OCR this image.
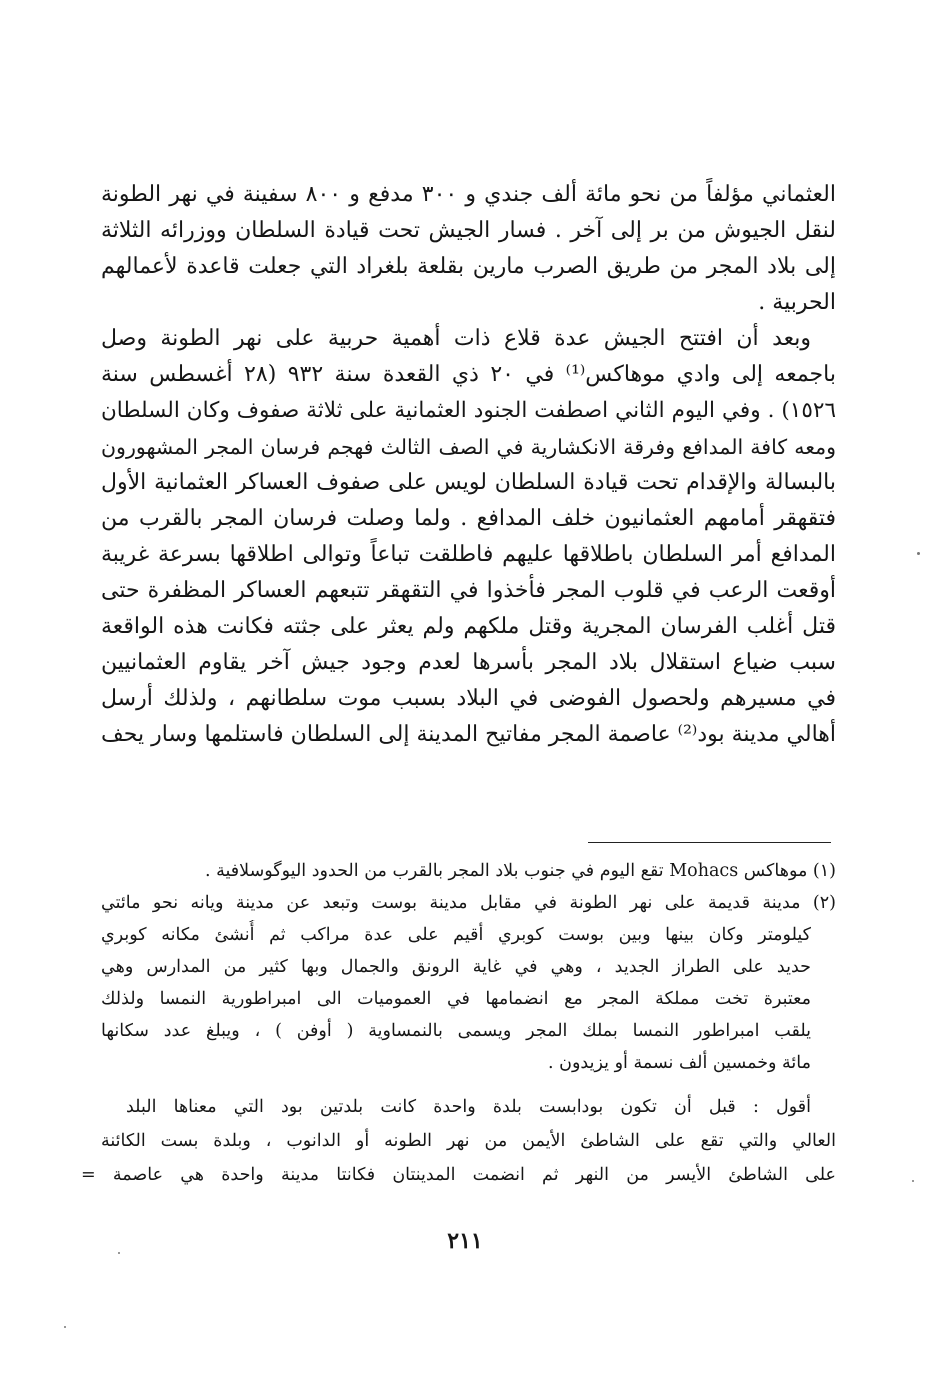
العثماني مؤلفاً من نحو مائة ألف جندي و ٣٠٠ مدفع و ٨٠٠ سفينة في نهر الطونة
لنقل الجيوش من بر إلى آخر . فسار الجيش تحت قيادة السلطان ووزرائه الثلاثة
إلى بلاد المجر من طريق الصرب مارين بقلعة بلغراد التي جعلت قاعدة لأعمالهم
الحربية .
وبعد أن افتتح الجيش عدة قلاع ذات أهمية حربية على نهر الطونة وصل
باجمعه إلى وادي موهاكس⁽¹⁾ في ٢٠ ذي القعدة سنة ٩٣٢ (٢٨ أغسطس سنة
١٥٢٦) . وفي اليوم الثاني اصطفت الجنود العثمانية على ثلاثة صفوف وكان السلطان
ومعه كافة المدافع وفرقة الانكشارية في الصف الثالث فهجم فرسان المجر المشهورون
بالبسالة والإقدام تحت قيادة السلطان لويس على صفوف العساكر العثمانية الأول
فتقهقر أمامهم العثمانيون خلف المدافع . ولما وصلت فرسان المجر بالقرب من
المدافع أمر السلطان باطلاقها عليهم فاطلقت تباعاً وتوالى اطلاقها بسرعة غريبة
أوقعت الرعب في قلوب المجر فأخذوا في التقهقر تتبعهم العساكر المظفرة حتى
قتل أغلب الفرسان المجرية وقتل ملكهم ولم يعثر على جثته فكانت هذه الواقعة
سبب ضياع استقلال بلاد المجر بأسرها لعدم وجود جيش آخر يقاوم العثمانيين
في مسيرهم ولحصول الفوضى في البلاد بسبب موت سلطانهم ، ولذلك أرسل
أهالي مدينة بود⁽²⁾ عاصمة المجر مفاتيح المدينة إلى السلطان فاستلمها وسار يحف
(١) موهاكس Mohacs تقع اليوم في جنوب بلاد المجر بالقرب من الحدود اليوگوسلافية .
(٢) مدينة قديمة على نهر الطونة في مقابل مدينة بوست وتبعد عن مدينة ويانه نحو مائتي
كيلومتر وكان بينها وبين بوست كوبري أقيم على عدة مراكب ثم أُنشئ مكانه كوبري
حديد على الطراز الجديد ، وهي في غاية الرونق والجمال وبها كثير من المدارس وهي
معتبرة تخت مملكة المجر مع انضمامها في العموميات الى امبراطورية النمسا ولذلك
يلقب امبراطور النمسا بملك المجر ويسمى بالنمساوية ( أوفن ) ، ويبلغ عدد سكانها
مائة وخمسين ألف نسمة أو يزيدون .
أقول : قبل أن تكون بودابست بلدة واحدة كانت بلدتين بود التي معناها البلد
العالي والتي تقع على الشاطئ الأيمن من نهر الطونه أو الدانوب ، وبلدة بست الكائنة
على الشاطئ الأيسر من النهر ثم انضمت المدينتان فكانتا مدينة واحدة هي عاصمة =
٢١١
